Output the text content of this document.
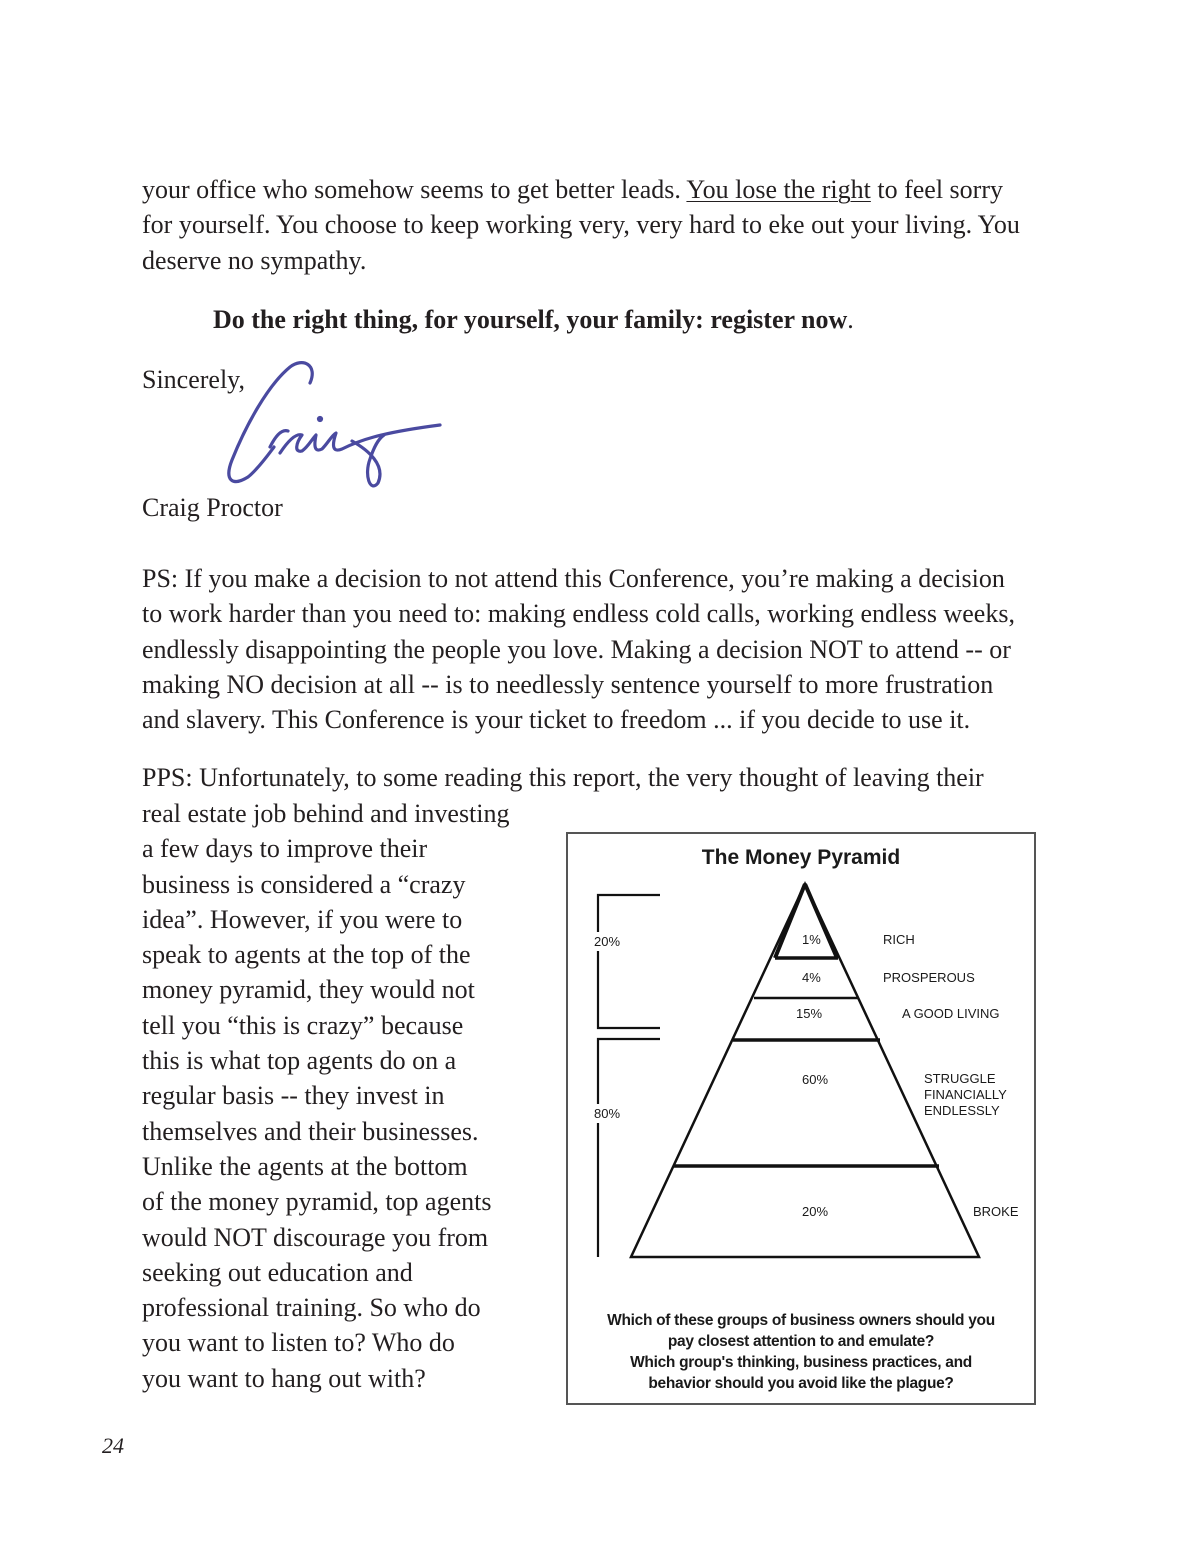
your office who somehow seems to get better leads. You lose the right to feel sorry
for yourself. You choose to keep working very, very hard to eke out your living. You
deserve no sympathy.

Do the right thing, for yourself, your family: register now.

Sincerely,

Craig Proctor

PS: If you make a decision to not attend this Conference, you’re making a decision
to work harder than you need to: making endless cold calls, working endless weeks,
endlessly disappointing the people you love. Making a decision NOT to attend -- or
making NO decision at all -- is to needlessly sentence yourself to more frustration
and slavery. This Conference is your ticket to freedom ... if you decide to use it.

PPS: Unfortunately, to some reading this report, the very thought of leaving their

real estate job behind and investing
a few days to improve their
business is considered a “crazy
idea”. However, if you were to
speak to agents at the top of the
money pyramid, they would not
tell you “this is crazy” because
this is what top agents do on a
regular basis -- they invest in
themselves and their businesses.
Unlike the agents at the bottom
of the money pyramid, top agents
would NOT discourage you from
seeking out education and
professional training. So who do
you want to listen to? Who do
you want to hang out with?

The Money Pyramid
20%
80%
1%	RICH
4%	PROSPEROUS
15%	A GOOD LIVING
60%	STRUGGLE
FINANCIALLY
ENDLESSLY
20%	BROKE
Which of these groups of business owners should you
pay closest attention to and emulate?
Which group's thinking, business practices, and
behavior should you avoid like the plague?
24
